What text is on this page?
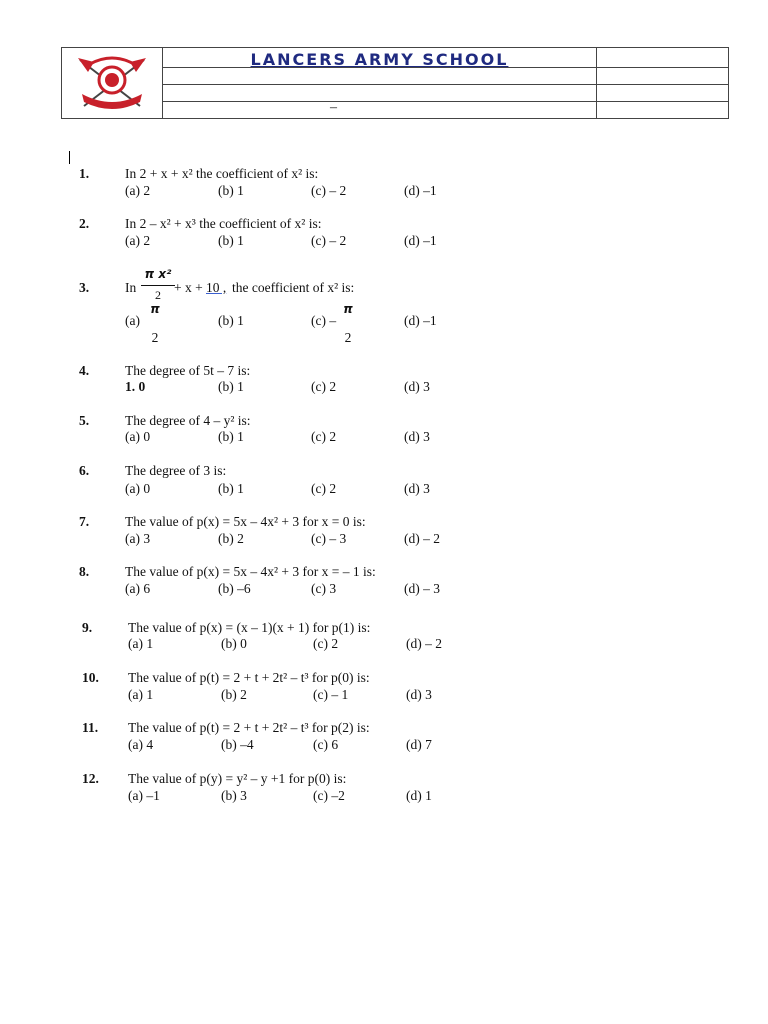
LANCERS ARMY SCHOOL
–
1.	In 2 + x + x² the coefficient of x² is:
(a) 2	(b) 1	(c) – 2	(d) –1
2.	In 2 – x² + x³ the coefficient of x² is:
(a) 2	(b) 1	(c) – 2	(d) –1
3.	In	+ x + 10 , the coefficient of x² is:
π x²
2
(a)	(b) 1	(c) –	(d) –1
π
2
π
2
4.	The degree of 5t – 7 is:
1. 0	(b) 1	(c) 2	(d) 3
5.	The degree of 4 – y² is:
(a) 0	(b) 1	(c) 2	(d) 3
6.	The degree of 3 is:
(a) 0	(b) 1	(c) 2	(d) 3
7.	The value of p(x) = 5x – 4x² + 3 for x = 0 is:
(a) 3	(b) 2	(c) – 3	(d) – 2
8.	The value of p(x) = 5x – 4x² + 3 for x = – 1 is:
(a) 6	(b) –6	(c) 3	(d) – 3
9.	The value of p(x) = (x – 1)(x + 1) for p(1) is:
(a) 1	(b) 0	(c) 2	(d) – 2
10. The value of p(t) = 2 + t + 2t² – t³ for p(0) is:
(a) 1	(b) 2	(c) – 1	(d) 3
11. The value of p(t) = 2 + t + 2t² – t³ for p(2) is:
(a) 4	(b) –4	(c) 6	(d) 7
12. The value of p(y) = y² – y +1 for p(0) is:
(a) –1	(b) 3	(c) –2	(d) 1
